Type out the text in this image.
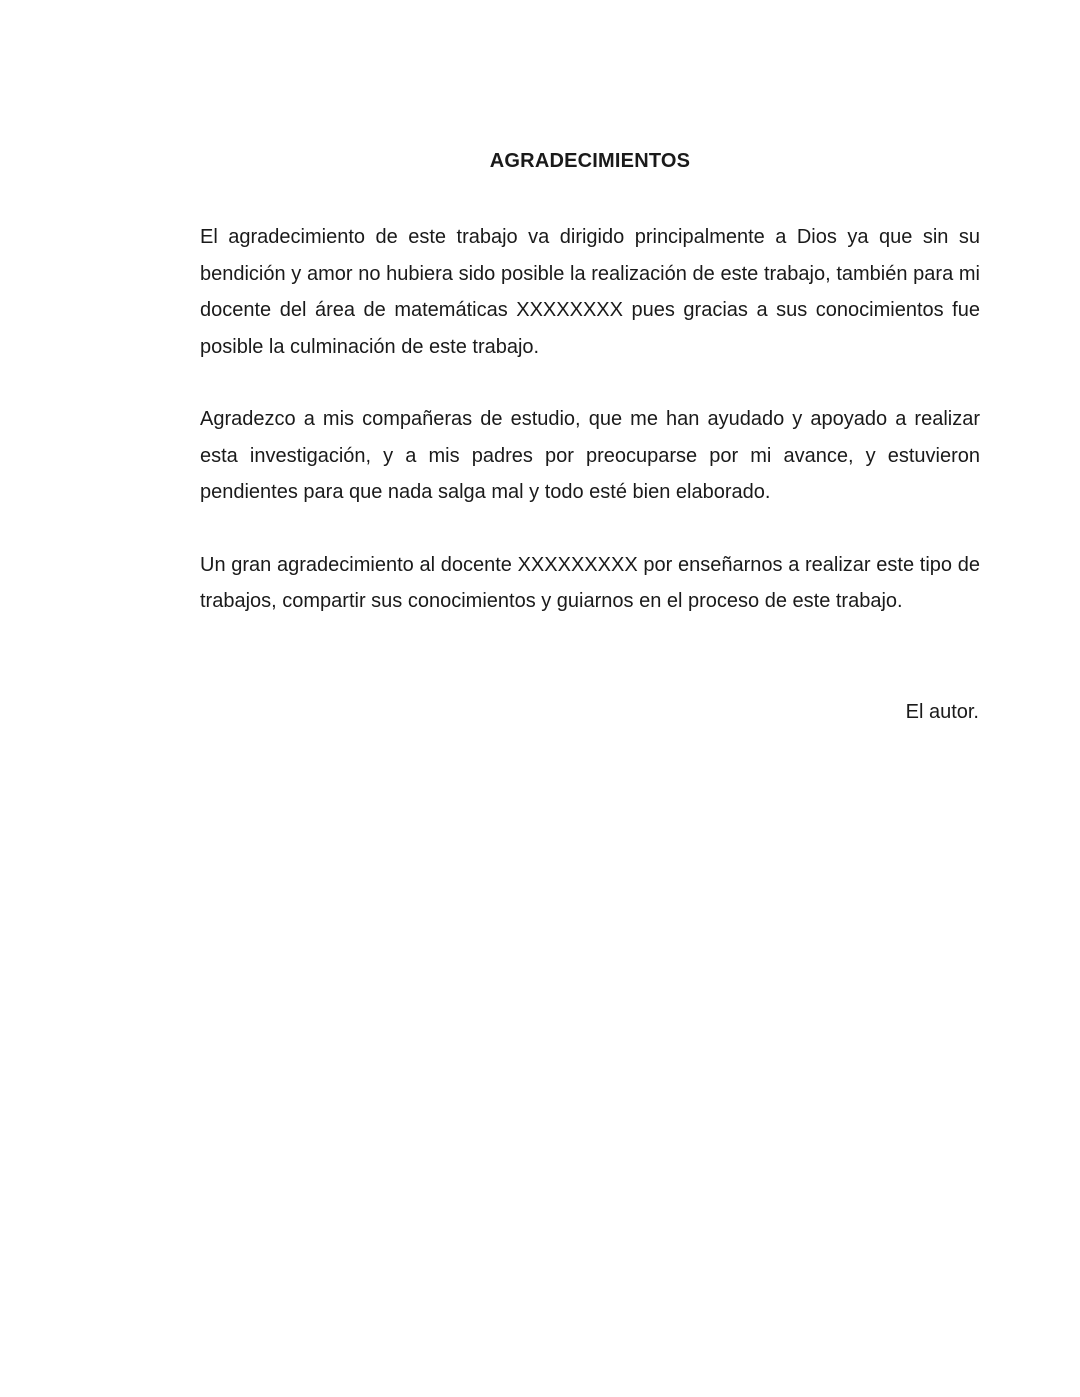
AGRADECIMIENTOS

El agradecimiento de este trabajo va dirigido principalmente a Dios ya que sin su bendición y amor no hubiera sido posible la realización de este trabajo, también para mi docente del área de matemáticas XXXXXXXX pues gracias a sus conocimientos fue posible la culminación de este trabajo.

Agradezco a mis compañeras de estudio, que me han ayudado y apoyado a realizar esta investigación, y a mis padres por preocuparse por mi avance, y estuvieron pendientes para que nada salga mal y todo esté bien elaborado.

Un gran agradecimiento al docente XXXXXXXXX por enseñarnos a realizar este tipo de trabajos, compartir sus conocimientos y guiarnos en el proceso de este trabajo.

El autor.
